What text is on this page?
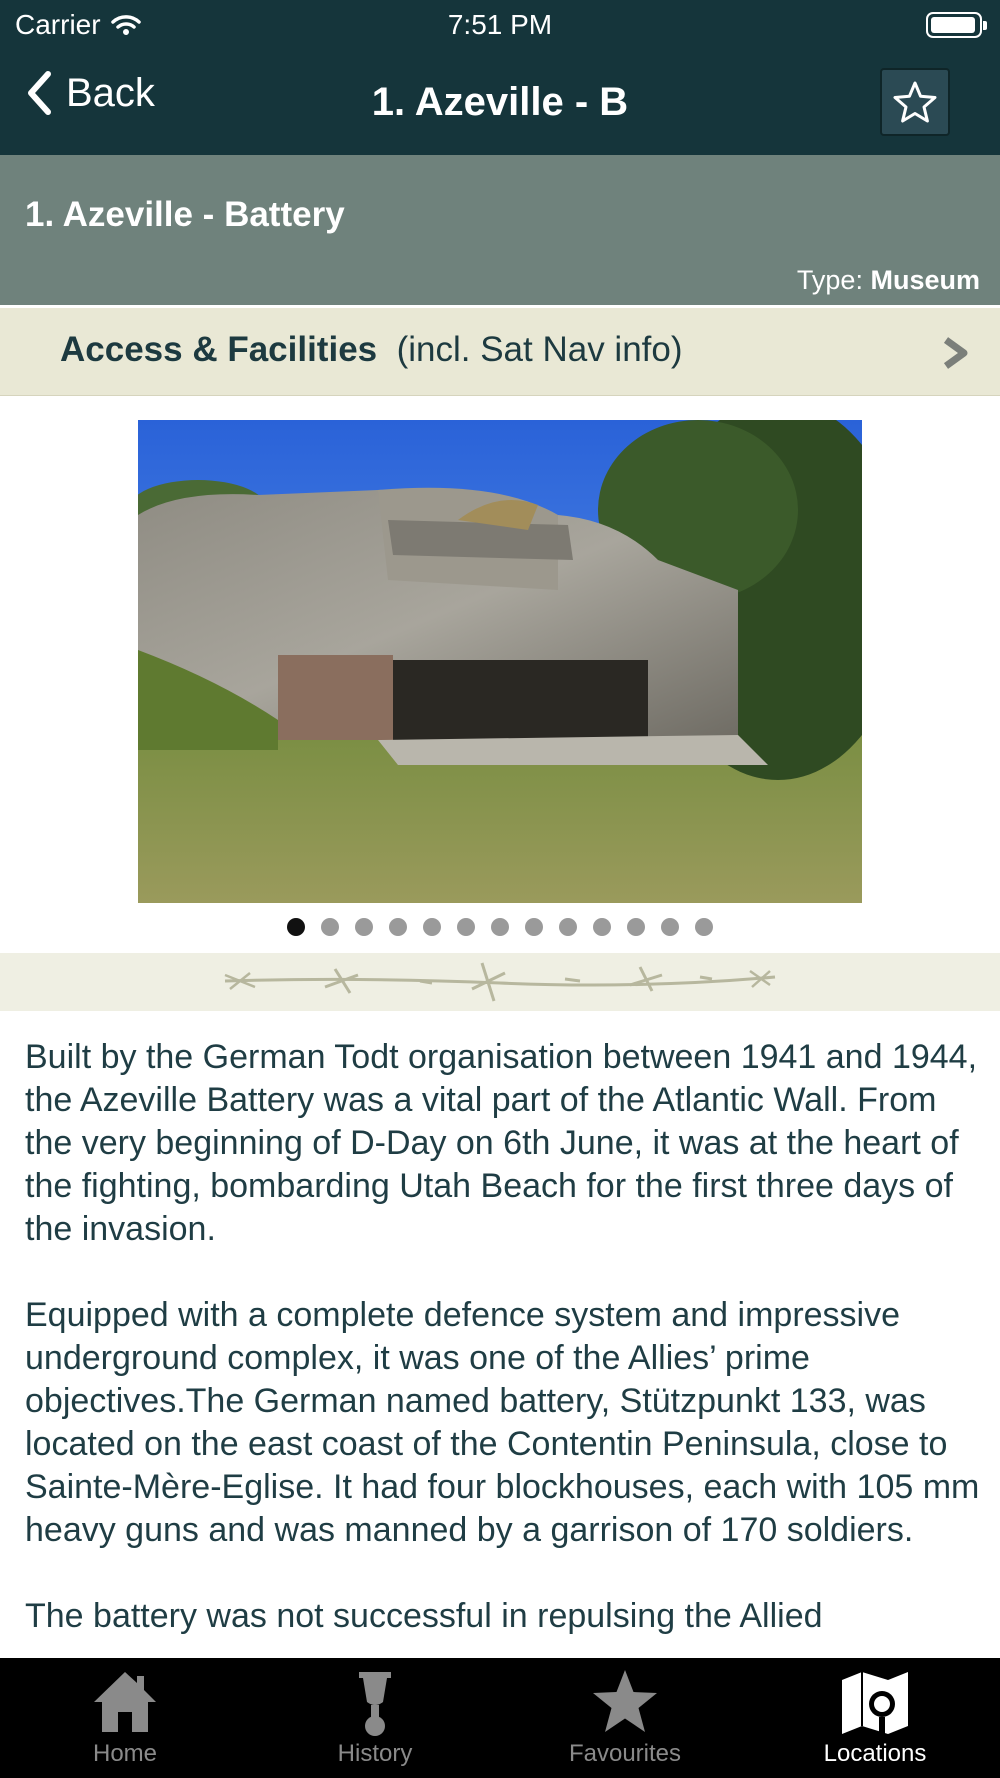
Carrier	7:51 PM
Back	1. Azeville - B
1. Azeville - Battery
Type: Museum
Access & Facilities (incl. Sat Nav info)

Built by the German Todt organisation between 1941 and 1944, the Azeville Battery was a vital part of the Atlantic Wall. From the very beginning of D-Day on 6th June, it was at the heart of the fighting, bombarding Utah Beach for the first three days of the invasion.

Equipped with a complete defence system and impressive underground complex, it was one of the Allies’ prime objectives.The German named battery, Stützpunkt 133, was located on the east coast of the Contentin Peninsula, close to Sainte-Mère-Eglise. It had four blockhouses, each with 105 mm heavy guns and was manned by a garrison of 170 soldiers.

The battery was not successful in repulsing the Allied

Home	History	Favourites	Locations
